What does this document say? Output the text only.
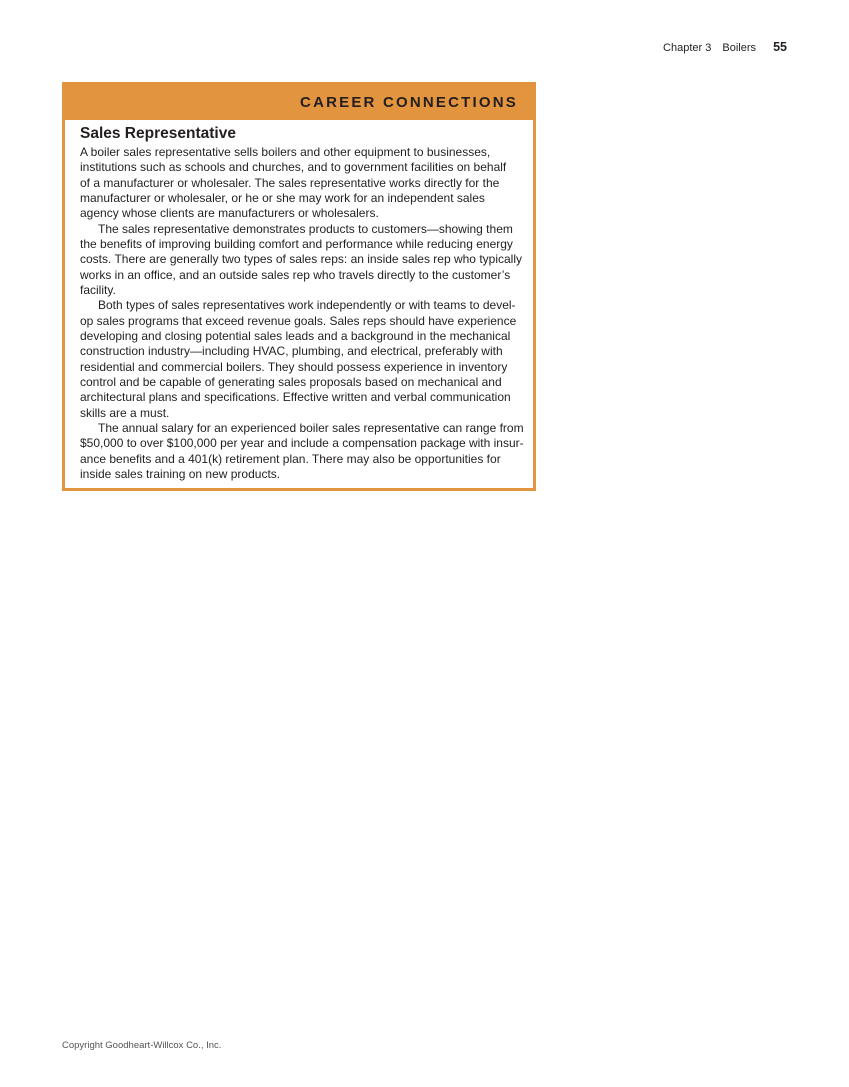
Chapter 3 Boilers 55
CAREER CONNECTIONS
Sales Representative
A boiler sales representative sells boilers and other equipment to businesses,
institutions such as schools and churches, and to government facilities on behalf
of a manufacturer or wholesaler. The sales representative works directly for the
manufacturer or wholesaler, or he or she may work for an independent sales
agency whose clients are manufacturers or wholesalers.
The sales representative demonstrates products to customers—showing them
the benefits of improving building comfort and performance while reducing energy
costs. There are generally two types of sales reps: an inside sales rep who typically
works in an office, and an outside sales rep who travels directly to the customer’s
facility.
Both types of sales representatives work independently or with teams to devel-
op sales programs that exceed revenue goals. Sales reps should have experience
developing and closing potential sales leads and a background in the mechanical
construction industry—including HVAC, plumbing, and electrical, preferably with
residential and commercial boilers. They should possess experience in inventory
control and be capable of generating sales proposals based on mechanical and
architectural plans and specifications. Effective written and verbal communication
skills are a must.
The annual salary for an experienced boiler sales representative can range from
$50,000 to over $100,000 per year and include a compensation package with insur-
ance benefits and a 401(k) retirement plan. There may also be opportunities for
inside sales training on new products.
Copyright Goodheart-Willcox Co., Inc.
